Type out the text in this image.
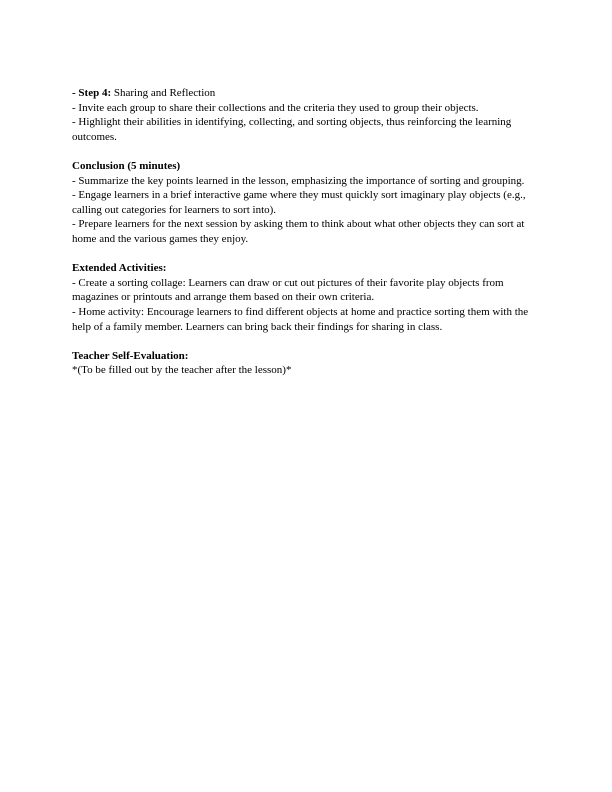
- Step 4: Sharing and Reflection

- Invite each group to share their collections and the criteria they used to group their objects.

- Highlight their abilities in identifying, collecting, and sorting objects, thus reinforcing the learning outcomes.

Conclusion (5 minutes)

- Summarize the key points learned in the lesson, emphasizing the importance of sorting and grouping.

- Engage learners in a brief interactive game where they must quickly sort imaginary play objects (e.g., calling out categories for learners to sort into).

- Prepare learners for the next session by asking them to think about what other objects they can sort at home and the various games they enjoy.

Extended Activities:

- Create a sorting collage: Learners can draw or cut out pictures of their favorite play objects from magazines or printouts and arrange them based on their own criteria.

- Home activity: Encourage learners to find different objects at home and practice sorting them with the help of a family member. Learners can bring back their findings for sharing in class.

Teacher Self-Evaluation:

*(To be filled out by the teacher after the lesson)*
